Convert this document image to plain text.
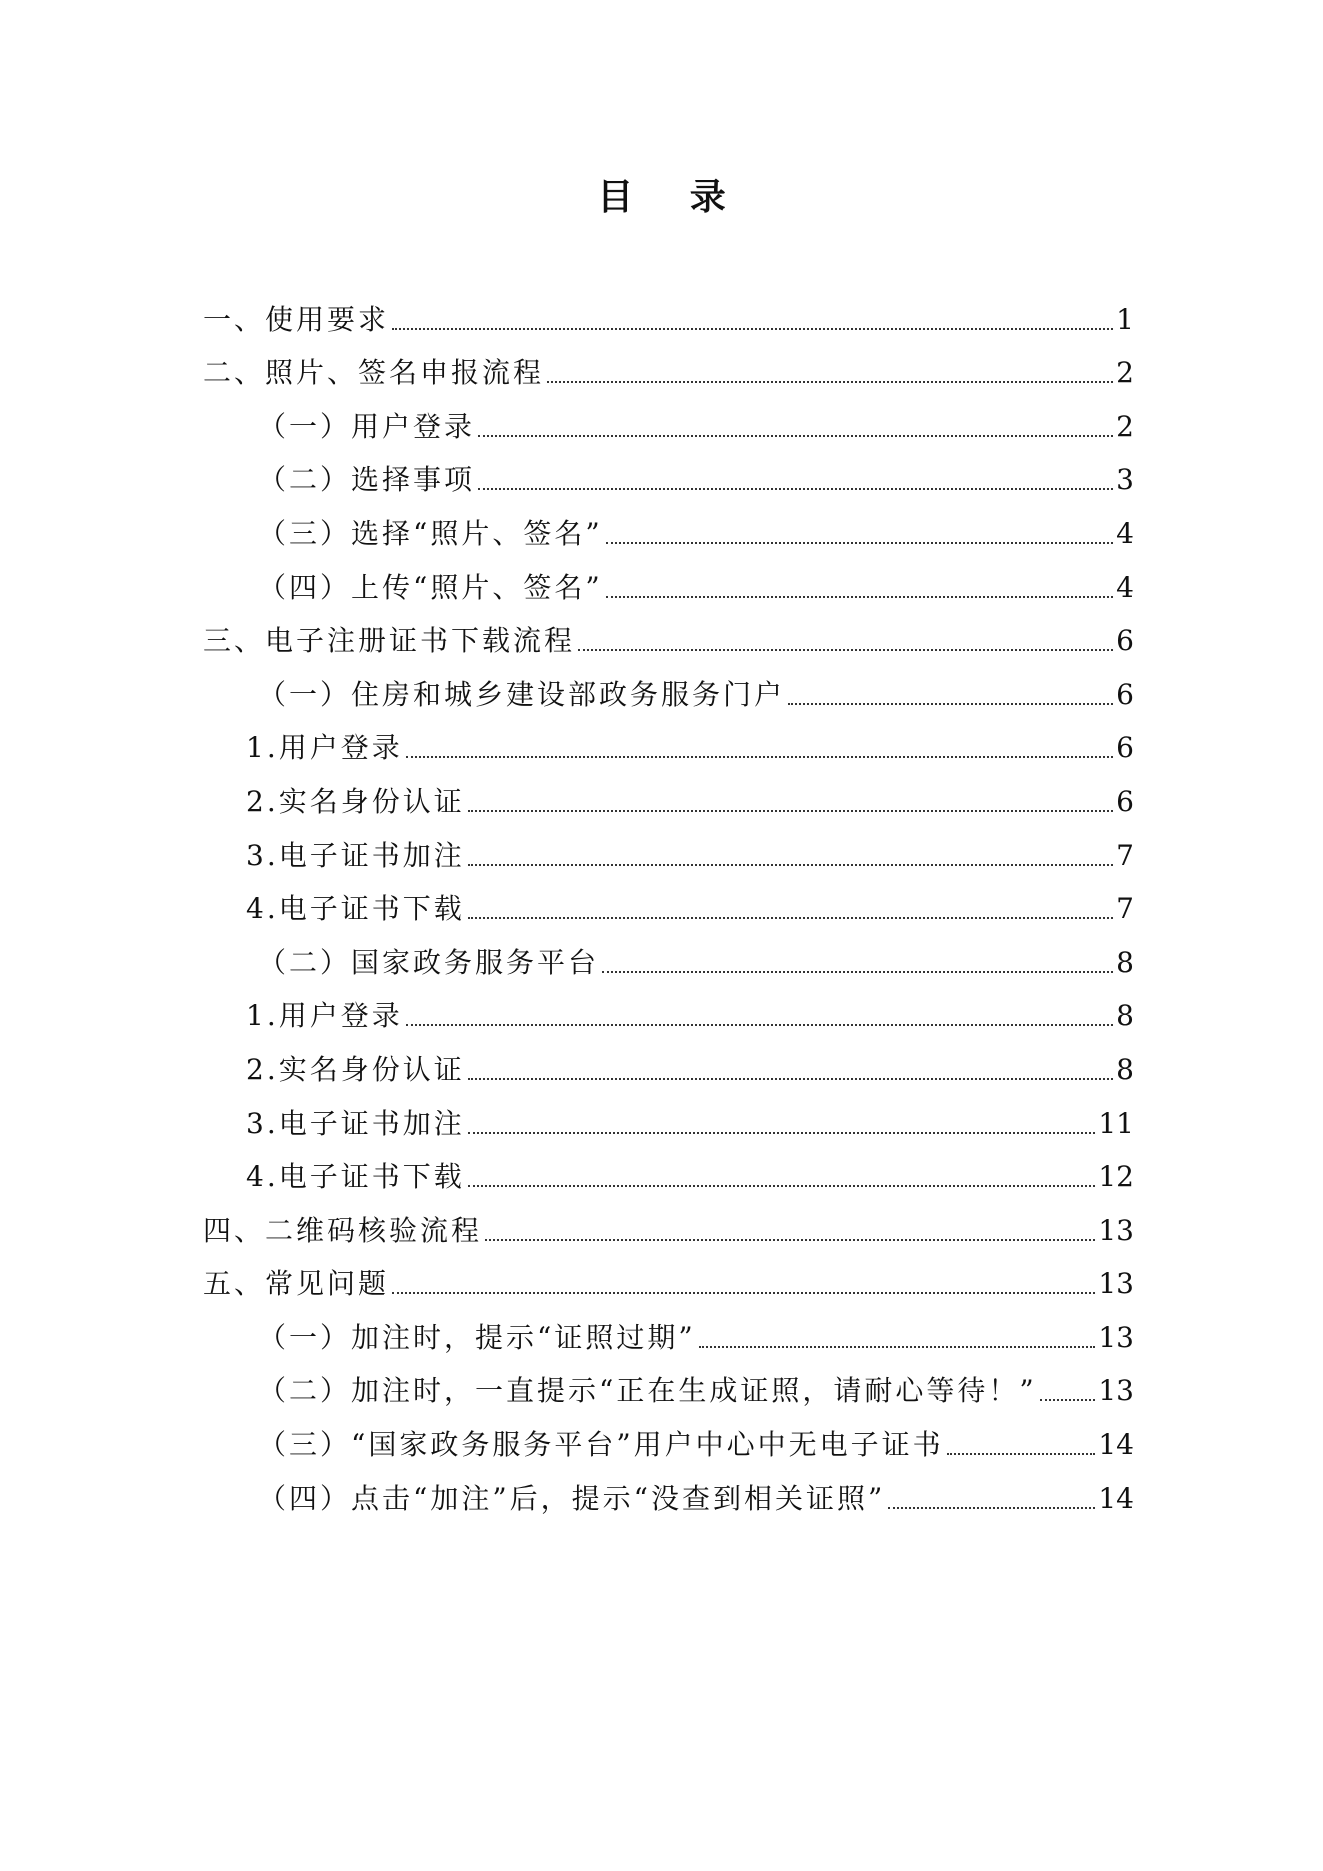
目 录
一、使用要求	1
二、照片、签名申报流程	2
（一）用户登录	2
（二）选择事项	3
（三）选择“照片、签名”	4
（四）上传“照片、签名”	4
三、电子注册证书下载流程	6
（一）住房和城乡建设部政务服务门户	6
1.用户登录	6
2.实名身份认证	6
3.电子证书加注	7
4.电子证书下载	7
（二）国家政务服务平台	8
1.用户登录	8
2.实名身份认证	8
3.电子证书加注	11
4.电子证书下载	12
四、二维码核验流程	13
五、常见问题	13
（一）加注时，提示“证照过期”	13
（二）加注时，一直提示“正在生成证照，请耐心等待！” 13
（三）“国家政务服务平台”用户中心中无电子证书	14
（四）点击“加注”后，提示“没查到相关证照”	14
